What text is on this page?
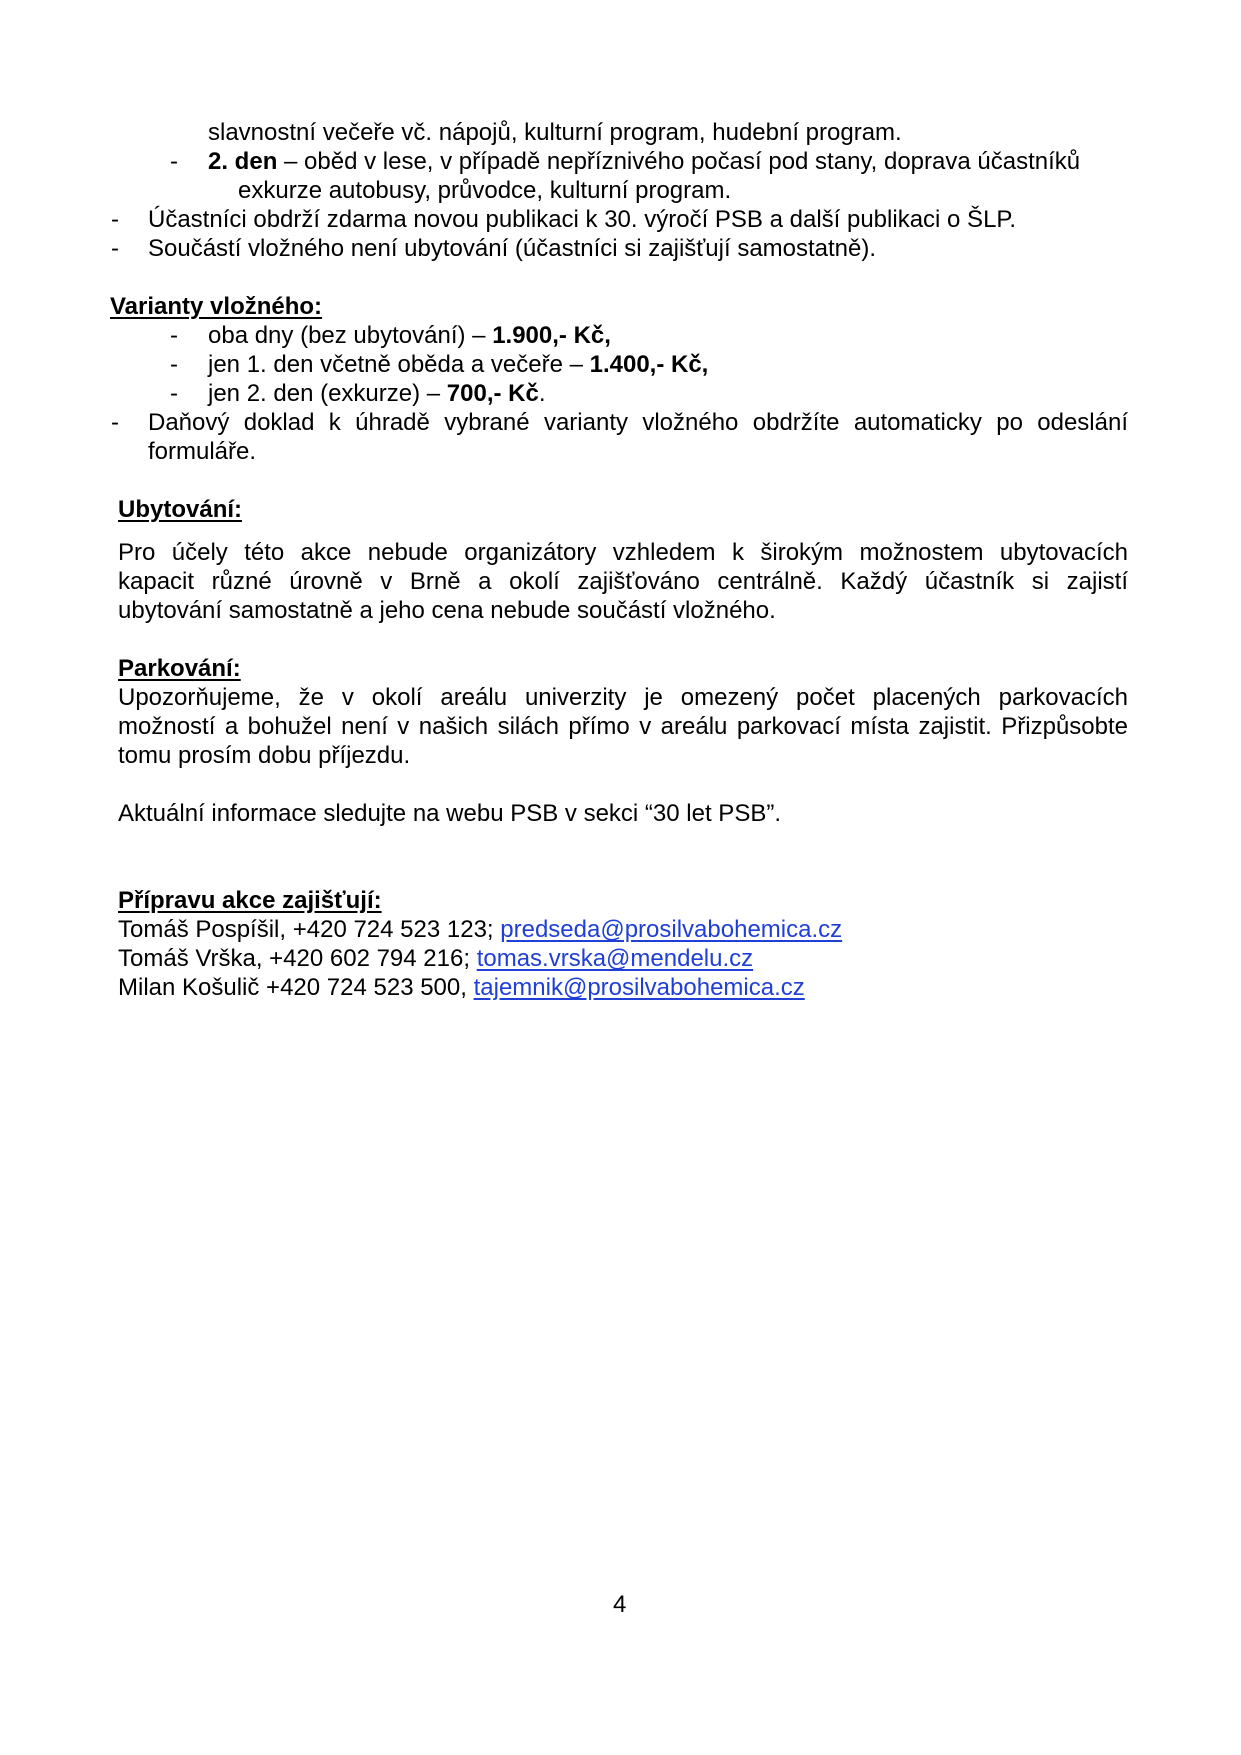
slavnostní večeře vč. nápojů, kulturní program, hudební program.
- 2. den – oběd v lese, v případě nepříznivého počasí pod stany, doprava účastníků
exkurze autobusy, průvodce, kulturní program.
- Účastníci obdrží zdarma novou publikaci k 30. výročí PSB a další publikaci o ŠLP.
- Součástí vložného není ubytování (účastníci si zajišťují samostatně).
Varianty vložného:
- oba dny (bez ubytování) – 1.900,- Kč,
- jen 1. den včetně oběda a večeře – 1.400,- Kč,
- jen 2. den (exkurze) – 700,- Kč.
- Daňový doklad k úhradě vybrané varianty vložného obdržíte automaticky po odeslání
formuláře.
Ubytování:
Pro účely této akce nebude organizátory vzhledem k širokým možnostem ubytovacích
kapacit různé úrovně v Brně a okolí zajišťováno centrálně. Každý účastník si zajistí
ubytování samostatně a jeho cena nebude součástí vložného.
Parkování:
Upozorňujeme, že v okolí areálu univerzity je omezený počet placených parkovacích
možností a bohužel není v našich silách přímo v areálu parkovací místa zajistit. Přizpůsobte
tomu prosím dobu příjezdu.
Aktuální informace sledujte na webu PSB v sekci “30 let PSB”.
Přípravu akce zajišťují:
Tomáš Pospíšil, +420 724 523 123; predseda@prosilvabohemica.cz
Tomáš Vrška, +420 602 794 216; tomas.vrska@mendelu.cz
Milan Košulič +420 724 523 500, tajemnik@prosilvabohemica.cz
4
